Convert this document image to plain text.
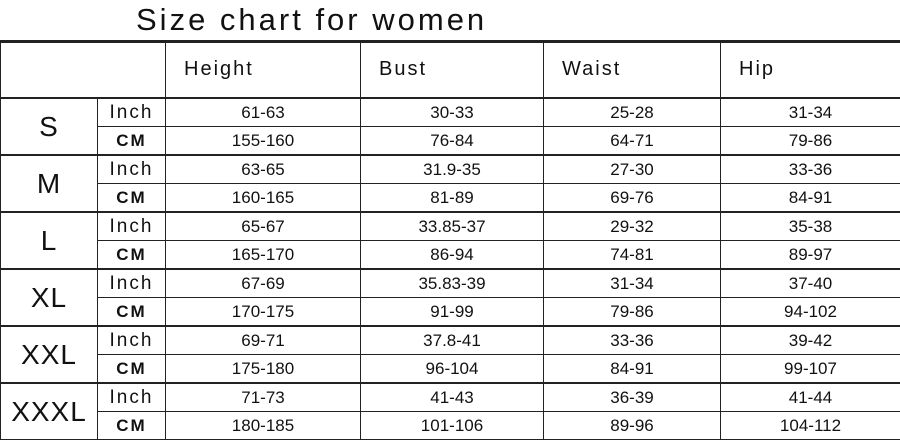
Size chart for women
		Height	Bust	Waist	Hip
S	Inch	61-63	30-33	25-28	31-34
	CM	155-160	76-84	64-71	79-86
M	Inch	63-65	31.9-35	27-30	33-36
	CM	160-165	81-89	69-76	84-91
L	Inch	65-67	33.85-37	29-32	35-38
	CM	165-170	86-94	74-81	89-97
XL	Inch	67-69	35.83-39	31-34	37-40
	CM	170-175	91-99	79-86	94-102
XXL	Inch	69-71	37.8-41	33-36	39-42
	CM	175-180	96-104	84-91	99-107
XXXL	Inch	71-73	41-43	36-39	41-44
	CM	180-185	101-106	89-96	104-112
